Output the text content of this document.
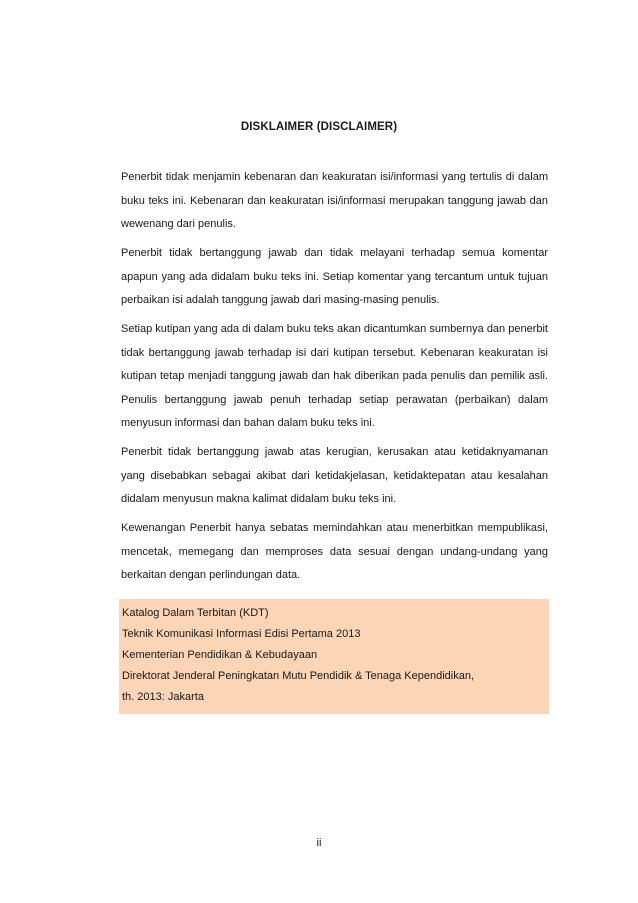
DISKLAIMER (DISCLAIMER)

Penerbit tidak menjamin kebenaran dan keakuratan isi/informasi yang tertulis di dalam buku teks ini. Kebenaran dan keakuratan isi/informasi merupakan tanggung jawab dan wewenang dari penulis.

Penerbit tidak bertanggung jawab dan tidak melayani terhadap semua komentar apapun yang ada didalam buku teks ini. Setiap komentar yang tercantum untuk tujuan perbaikan isi adalah tanggung jawab dari masing-masing penulis.

Setiap kutipan yang ada di dalam buku teks akan dicantumkan sumbernya dan penerbit tidak bertanggung jawab terhadap isi dari kutipan tersebut. Kebenaran keakuratan isi kutipan tetap menjadi tanggung jawab dan hak diberikan pada penulis dan pemilik asli. Penulis bertanggung jawab penuh terhadap setiap perawatan (perbaikan) dalam menyusun informasi dan bahan dalam buku teks ini.

Penerbit tidak bertanggung jawab atas kerugian, kerusakan atau ketidaknyamanan yang disebabkan sebagai akibat dari ketidakjelasan, ketidaktepatan atau kesalahan didalam menyusun makna kalimat didalam buku teks ini.

Kewenangan Penerbit hanya sebatas memindahkan atau menerbitkan mempublikasi, mencetak, memegang dan memproses data sesuai dengan undang-undang yang berkaitan dengan perlindungan data.

Katalog Dalam Terbitan (KDT)
Teknik Komunikasi Informasi Edisi Pertama 2013
Kementerian Pendidikan & Kebudayaan
Direktorat Jenderal Peningkatan Mutu Pendidik & Tenaga Kependidikan,
th. 2013: Jakarta
ii
